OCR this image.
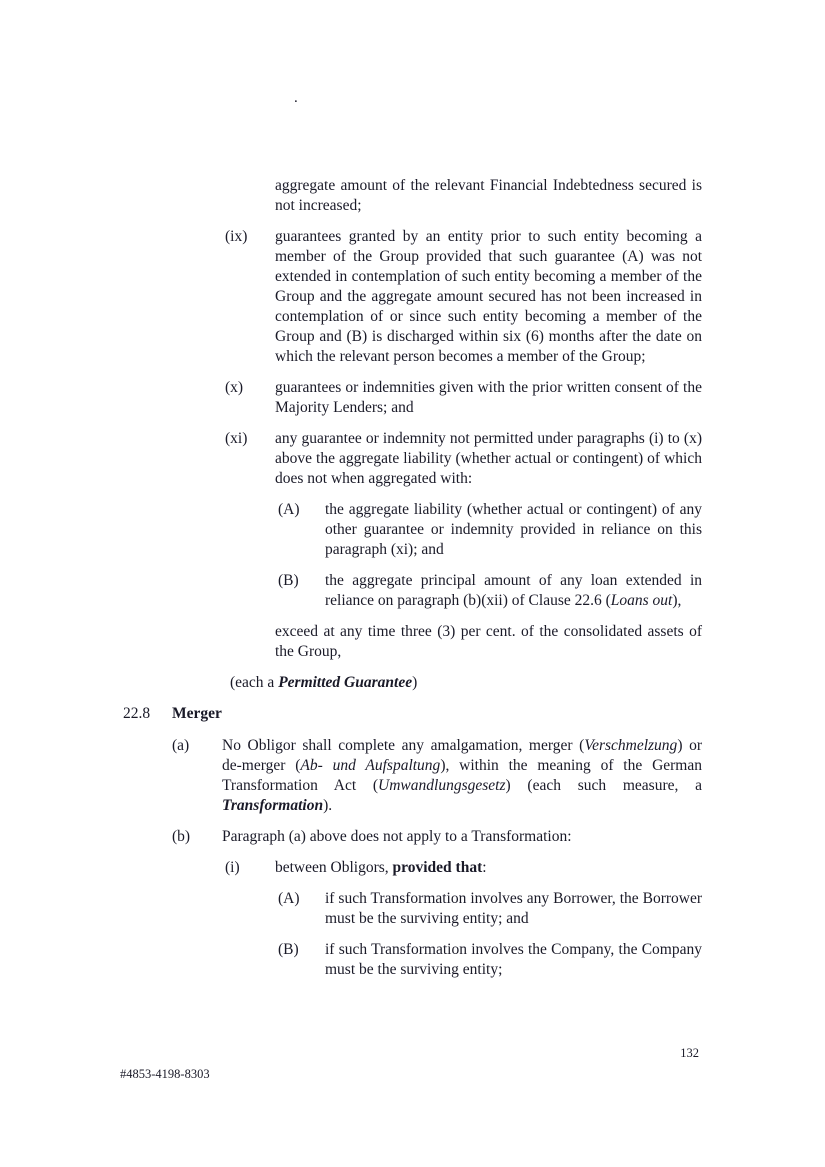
.

aggregate amount of the relevant Financial Indebtedness secured is not increased;

(ix)	guarantees granted by an entity prior to such entity becoming a member of the Group provided that such guarantee (A) was not extended in contemplation of such entity becoming a member of the Group and the aggregate amount secured has not been increased in contemplation of or since such entity becoming a member of the Group and (B) is discharged within six (6) months after the date on which the relevant person becomes a member of the Group;

(x)	guarantees or indemnities given with the prior written consent of the Majority Lenders; and

(xi)	any guarantee or indemnity not permitted under paragraphs (i) to (x) above the aggregate liability (whether actual or contingent) of which does not when aggregated with:

(A)	the aggregate liability (whether actual or contingent) of any other guarantee or indemnity provided in reliance on this paragraph (xi); and

(B)	the aggregate principal amount of any loan extended in reliance on paragraph (b)(xii) of Clause 22.6 (Loans out),

exceed at any time three (3) per cent. of the consolidated assets of the Group,

(each a Permitted Guarantee)

22.8	Merger

(a)	No Obligor shall complete any amalgamation, merger (Verschmelzung) or de-merger (Ab- und Aufspaltung), within the meaning of the German Transformation Act (Umwandlungsgesetz) (each such measure, a Transformation).

(b)	Paragraph (a) above does not apply to a Transformation:

(i)	between Obligors, provided that:

(A)	if such Transformation involves any Borrower, the Borrower must be the surviving entity; and

(B)	if such Transformation involves the Company, the Company must be the surviving entity;

132
#4853-4198-8303
